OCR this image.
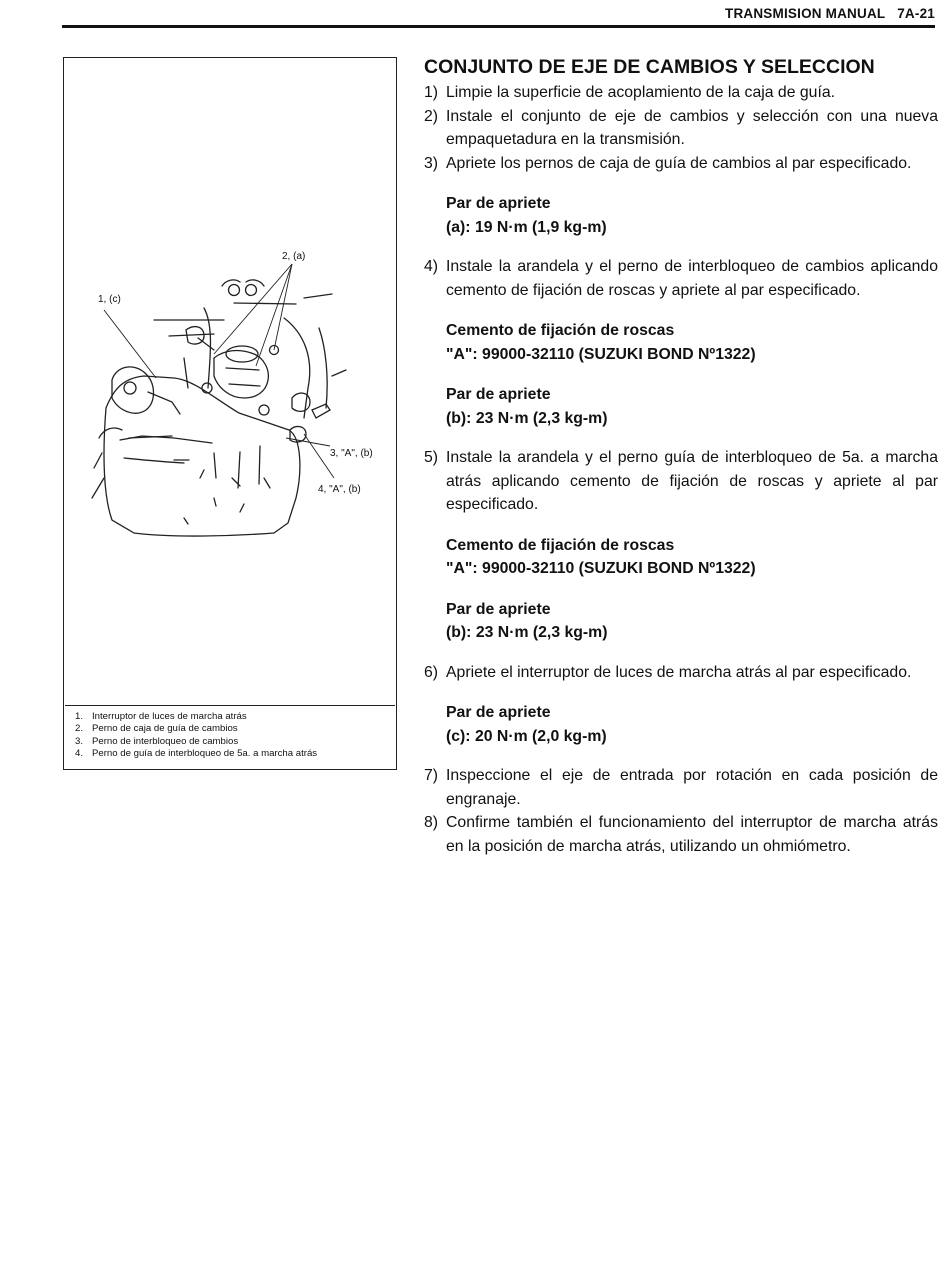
TRANSMISION MANUAL 7A-21
1, (c)
2, (a)
3, "A", (b)
4, "A", (b)
1. Interruptor de luces de marcha atrás
2. Perno de caja de guía de cambios
3. Perno de interbloqueo de cambios
4. Perno de guía de interbloqueo de 5a. a marcha atrás
CONJUNTO DE EJE DE CAMBIOS Y SELECCION
1) Limpie la superficie de acoplamiento de la caja de guía.
2) Instale el conjunto de eje de cambios y selección con una nueva empaquetadura en la transmisión.
3) Apriete los pernos de caja de guía de cambios al par especificado.
Par de apriete
(a): 19 N·m (1,9 kg-m)
4) Instale la arandela y el perno de interbloqueo de cambios aplicando cemento de fijación de roscas y apriete al par especificado.
Cemento de fijación de roscas
"A": 99000-32110 (SUZUKI BOND Nº1322)
Par de apriete
(b): 23 N·m (2,3 kg-m)
5) Instale la arandela y el perno guía de interbloqueo de 5a. a marcha atrás aplicando cemento de fijación de roscas y apriete al par especificado.
Cemento de fijación de roscas
"A": 99000-32110 (SUZUKI BOND Nº1322)
Par de apriete
(b): 23 N·m (2,3 kg-m)
6) Apriete el interruptor de luces de marcha atrás al par especificado.
Par de apriete
(c): 20 N·m (2,0 kg-m)
7) Inspeccione el eje de entrada por rotación en cada posición de engranaje.
8) Confirme también el funcionamiento del interruptor de marcha atrás en la posición de marcha atrás, utilizando un ohmiómetro.
